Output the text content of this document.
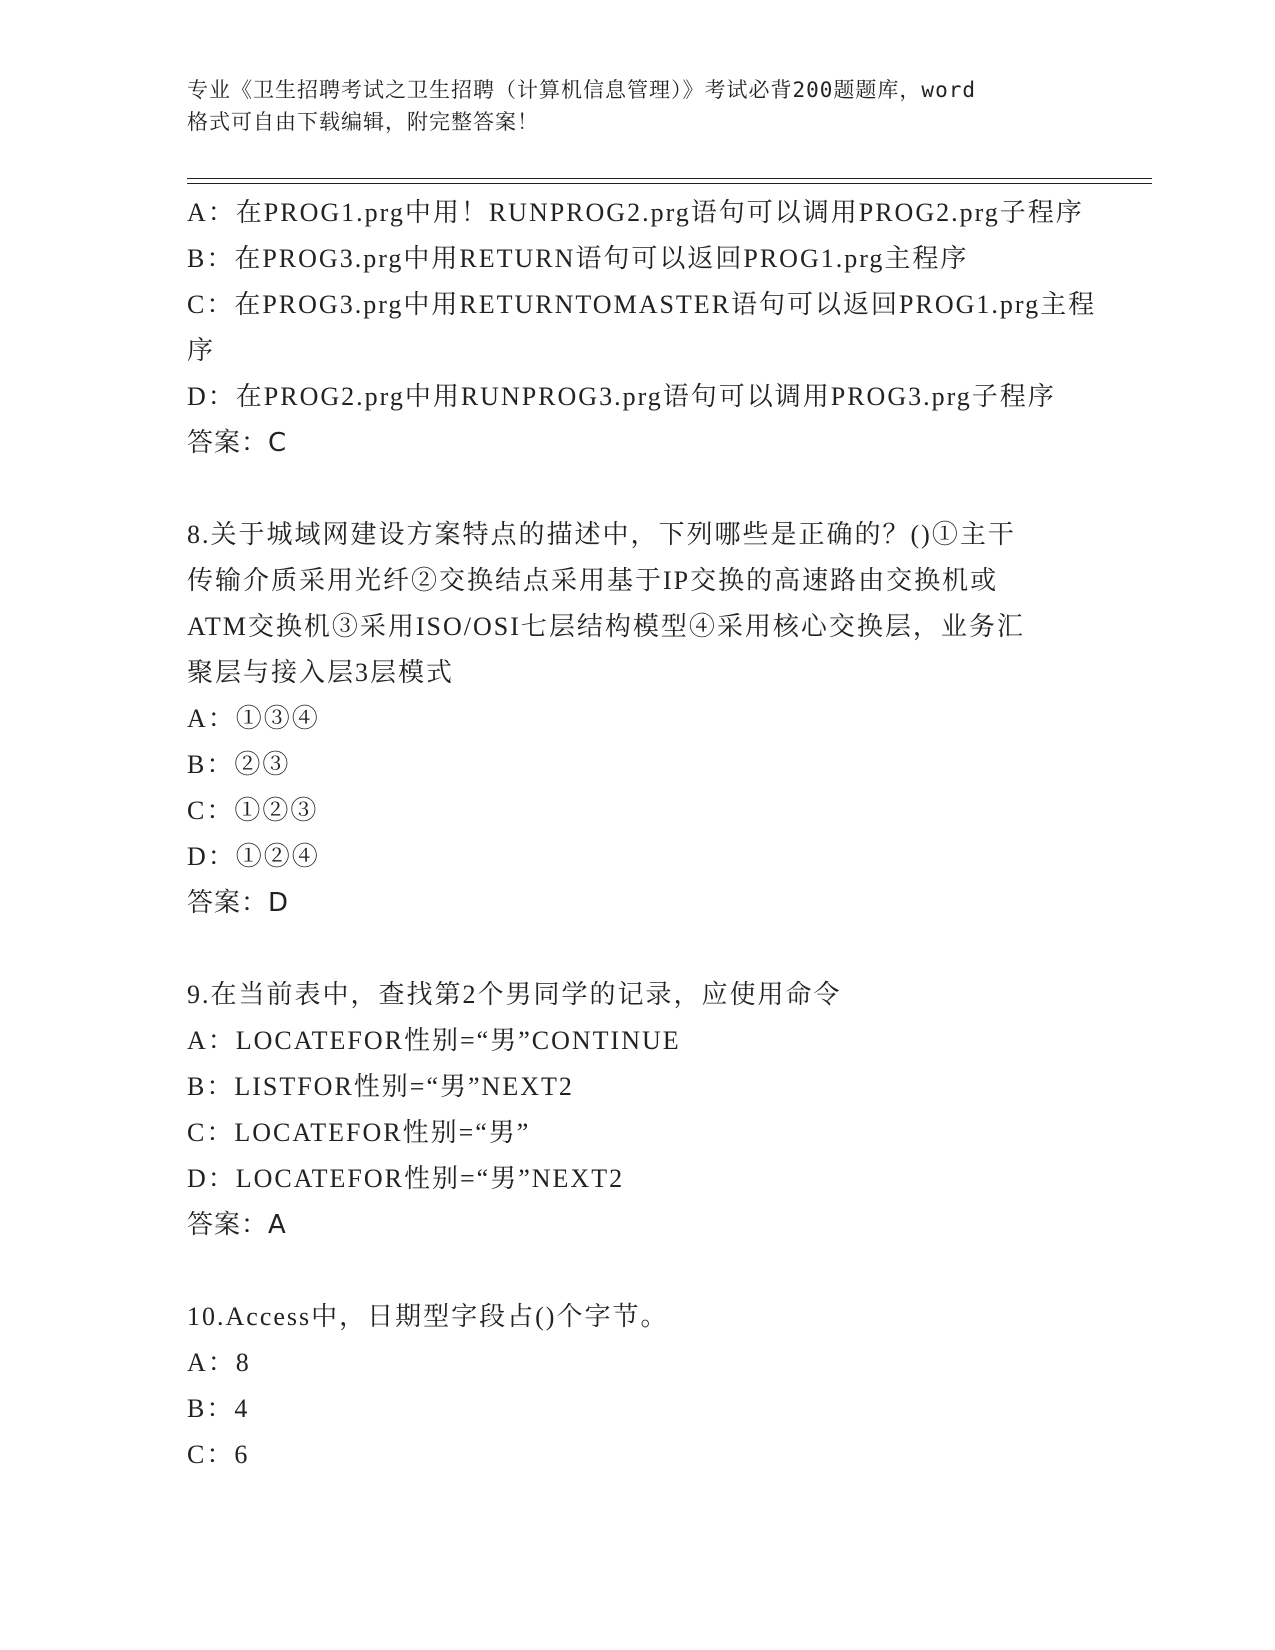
专业《卫生招聘考试之卫生招聘（计算机信息管理）》考试必背200题题库，word
格式可自由下载编辑，附完整答案！
A：在PROG1.prg中用！RUNPROG2.prg语句可以调用PROG2.prg子程序
B：在PROG3.prg中用RETURN语句可以返回PROG1.prg主程序
C：在PROG3.prg中用RETURNTOMASTER语句可以返回PROG1.prg主程
序
D：在PROG2.prg中用RUNPROG3.prg语句可以调用PROG3.prg子程序
答案：C
8.关于城域网建设方案特点的描述中，下列哪些是正确的？()①主干
传输介质采用光纤②交换结点采用基于IP交换的高速路由交换机或
ATM交换机③采用ISO/OSI七层结构模型④采用核心交换层，业务汇
聚层与接入层3层模式
A：①③④
B：②③
C：①②③
D：①②④
答案：D
9.在当前表中，查找第2个男同学的记录，应使用命令
A：LOCATEFOR性别=“男”CONTINUE
B：LISTFOR性别=“男”NEXT2
C：LOCATEFOR性别=“男”
D：LOCATEFOR性别=“男”NEXT2
答案：A
10.Access中，日期型字段占()个字节。
A：8
B：4
C：6
